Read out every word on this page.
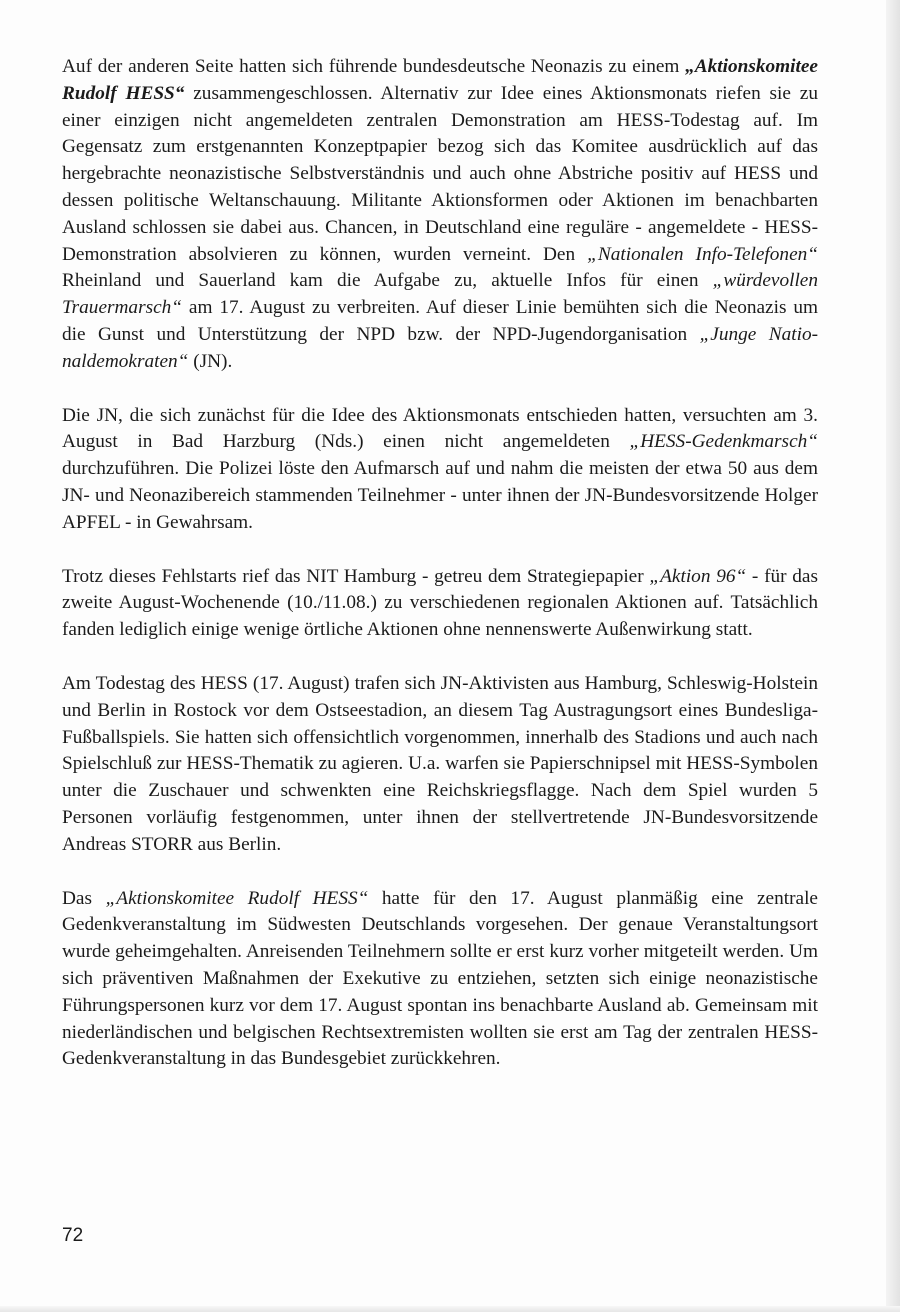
Auf der anderen Seite hatten sich führende bundesdeutsche Neonazis zu einem „Aktionskomitee Rudolf HESS“ zusammengeschlossen. Alternativ zur Idee eines Aktionsmonats riefen sie zu einer einzigen nicht angemeldeten zentralen Demonstration am HESS-Todestag auf. Im Gegensatz zum erstgenannten Konzeptpapier bezog sich das Komitee ausdrücklich auf das hergebrachte neonazistische Selbstverständnis und auch ohne Abstriche positiv auf HESS und dessen politische Weltanschauung. Militante Aktionsformen oder Aktionen im benachbarten Ausland schlossen sie dabei aus. Chancen, in Deutschland eine reguläre - angemeldete - HESS-Demonstration absolvieren zu können, wurden verneint. Den „Nationalen Info-Telefonen“ Rheinland und Sauerland kam die Aufgabe zu, aktuelle Infos für einen „würdevollen Trauermarsch“ am 17. August zu verbreiten. Auf dieser Linie bemühten sich die Neonazis um die Gunst und Unterstützung der NPD bzw. der NPD-Jugendorganisation „Junge Nationaldemokraten“ (JN).

Die JN, die sich zunächst für die Idee des Aktionsmonats entschieden hatten, versuchten am 3. August in Bad Harzburg (Nds.) einen nicht angemeldeten „HESS-Gedenkmarsch“ durchzuführen. Die Polizei löste den Aufmarsch auf und nahm die meisten der etwa 50 aus dem JN- und Neonazibereich stammenden Teilnehmer - unter ihnen der JN-Bundesvorsitzende Holger APFEL - in Gewahrsam.

Trotz dieses Fehlstarts rief das NIT Hamburg - getreu dem Strategiepapier „Aktion 96“ - für das zweite August-Wochenende (10./11.08.) zu verschiedenen regionalen Aktionen auf. Tatsächlich fanden lediglich einige wenige örtliche Aktionen ohne nennenswerte Außenwirkung statt.

Am Todestag des HESS (17. August) trafen sich JN-Aktivisten aus Hamburg, Schleswig-Holstein und Berlin in Rostock vor dem Ostseestadion, an diesem Tag Austragungsort eines Bundesliga-Fußballspiels. Sie hatten sich offensichtlich vorgenommen, innerhalb des Stadions und auch nach Spielschluß zur HESS-Thematik zu agieren. U.a. warfen sie Papierschnipsel mit HESS-Symbolen unter die Zuschauer und schwenkten eine Reichskriegsflagge. Nach dem Spiel wurden 5 Personen vorläufig festgenommen, unter ihnen der stellvertretende JN-Bundesvorsitzende Andreas STORR aus Berlin.

Das „Aktionskomitee Rudolf HESS“ hatte für den 17. August planmäßig eine zentrale Gedenkveranstaltung im Südwesten Deutschlands vorgesehen. Der genaue Veranstaltungsort wurde geheimgehalten. Anreisenden Teilnehmern sollte er erst kurz vorher mitgeteilt werden. Um sich präventiven Maßnahmen der Exekutive zu entziehen, setzten sich einige neonazistische Führungspersonen kurz vor dem 17. August spontan ins benachbarte Ausland ab. Gemeinsam mit niederländischen und belgischen Rechtsextremisten wollten sie erst am Tag der zentralen HESS-Gedenkveranstaltung in das Bundesgebiet zurückkehren.

72
